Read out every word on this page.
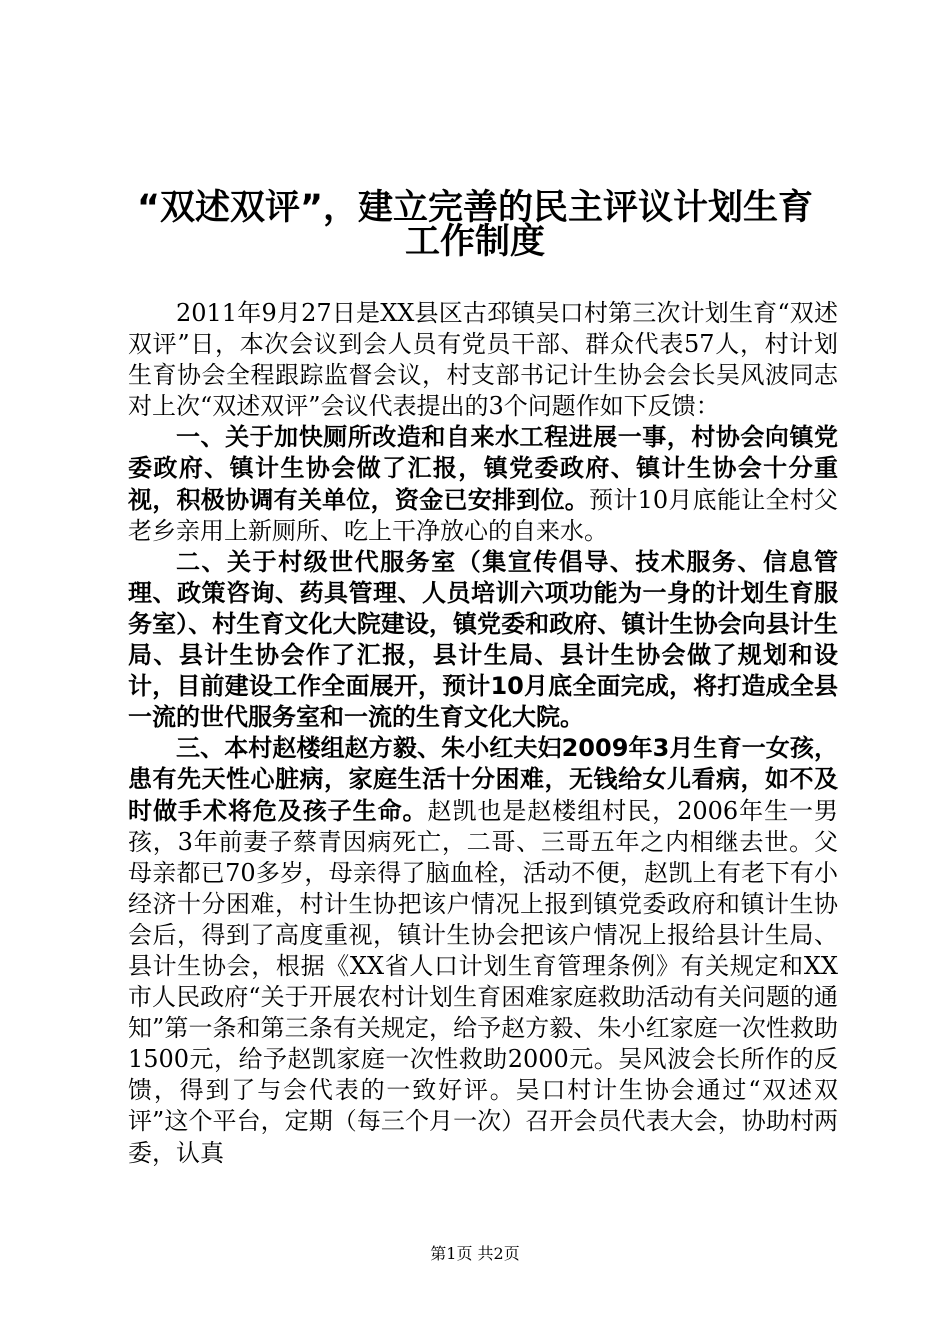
“双述双评”，建立完善的民主评议计划生育
工作制度

2011年9月27日是XX县区古邳镇吴口村第三次计划生育“双述双评”日，本次会议到会人员有党员干部、群众代表57人，村计划生育协会全程跟踪监督会议，村支部书记计生协会会长吴风波同志对上次“双述双评”会议代表提出的3个问题作如下反馈：

一、关于加快厕所改造和自来水工程进展一事，村协会向镇党委政府、镇计生协会做了汇报，镇党委政府、镇计生协会十分重视，积极协调有关单位，资金已安排到位。预计10月底能让全村父老乡亲用上新厕所、吃上干净放心的自来水。

二、关于村级世代服务室（集宣传倡导、技术服务、信息管理、政策咨询、药具管理、人员培训六项功能为一身的计划生育服务室）、村生育文化大院建设，镇党委和政府、镇计生协会向县计生局、县计生协会作了汇报，县计生局、县计生协会做了规划和设计，目前建设工作全面展开，预计10月底全面完成，将打造成全县一流的世代服务室和一流的生育文化大院。

三、本村赵楼组赵方毅、朱小红夫妇2009年3月生育一女孩，患有先天性心脏病，家庭生活十分困难，无钱给女儿看病，如不及时做手术将危及孩子生命。赵凯也是赵楼组村民，2006年生一男孩，3年前妻子蔡青因病死亡，二哥、三哥五年之内相继去世。父母亲都已70多岁，母亲得了脑血栓，活动不便，赵凯上有老下有小经济十分困难，村计生协把该户情况上报到镇党委政府和镇计生协会后，得到了高度重视，镇计生协会把该户情况上报给县计生局、县计生协会，根据《XX省人口计划生育管理条例》有关规定和XX市人民政府“关于开展农村计划生育困难家庭救助活动有关问题的通知”第一条和第三条有关规定，给予赵方毅、朱小红家庭一次性救助1500元，给予赵凯家庭一次性救助2000元。吴风波会长所作的反馈，得到了与会代表的一致好评。吴口村计生协会通过“双述双评”这个平台，定期（每三个月一次）召开会员代表大会，协助村两委，认真

第1页 共2页
